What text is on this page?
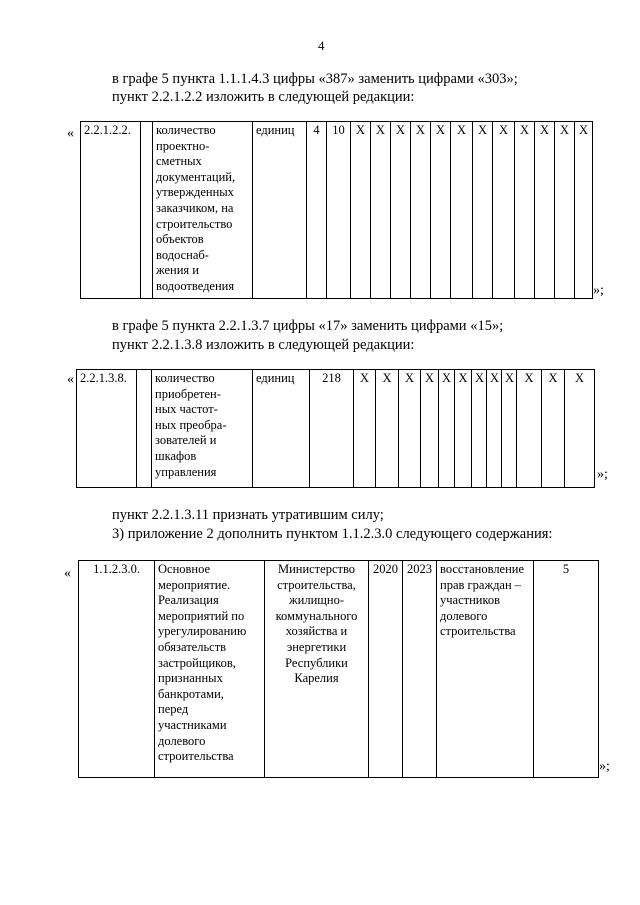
4
в графе 5 пункта 1.1.1.4.3 цифры «387» заменить цифрами «303»;
пункт 2.2.1.2.2 изложить в следующей редакции:
« 2.2.1.2.2.		количество
проектно-
сметных
документаций,
утвержденных
заказчиком, на
строительство
объектов
водоснаб-
жения и
водоотведения	единиц	4	10	X	X	X	X	X	X	X	X	X	X	X	X
»;
в графе 5 пункта 2.2.1.3.7 цифры «17» заменить цифрами «15»;
пункт 2.2.1.3.8 изложить в следующей редакции:
« 2.2.1.3.8.		количество
приобретен-
ных частот-
ных преобра-
зователей и
шкафов
управления	единиц	218	X	X	X	X	X	X	X	X	X	X	X	X
»;
пункт 2.2.1.3.11 признать утратившим силу;
3) приложение 2 дополнить пунктом 1.1.2.3.0 следующего содержания:
« 1.1.2.3.0.	Основное
мероприятие.
Реализация
мероприятий по
урегулированию
обязательств
застройщиков,
признанных
банкротами,
перед
участниками
долевого
строительства	Министерство
строительства,
жилищно-
коммунального
хозяйства и
энергетики
Республики
Карелия	2020	2023	восстановление
прав граждан –
участников
долевого
строительства	5
»;
